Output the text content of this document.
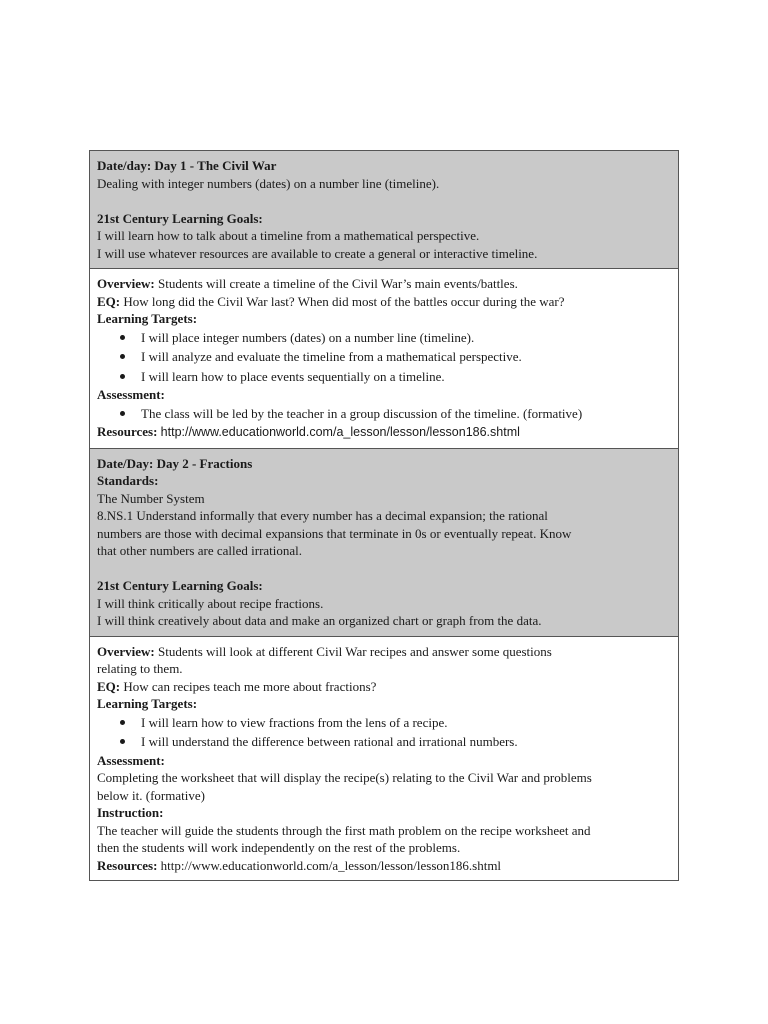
Date/day: Day 1 - The Civil War
Dealing with integer numbers (dates) on a number line (timeline).
21st Century Learning Goals:
I will learn how to talk about a timeline from a mathematical perspective.
I will use whatever resources are available to create a general or interactive timeline.
Overview: Students will create a timeline of the Civil War’s main events/battles.
EQ: How long did the Civil War last? When did most of the battles occur during the war?
Learning Targets:
I will place integer numbers (dates) on a number line (timeline).
I will analyze and evaluate the timeline from a mathematical perspective.
I will learn how to place events sequentially on a timeline.
Assessment:
The class will be led by the teacher in a group discussion of the timeline. (formative)
Resources: http://www.educationworld.com/a_lesson/lesson/lesson186.shtml
Date/Day: Day 2 - Fractions
Standards:
The Number System
8.NS.1 Understand informally that every number has a decimal expansion; the rational
numbers are those with decimal expansions that terminate in 0s or eventually repeat. Know
that other numbers are called irrational.
21st Century Learning Goals:
I will think critically about recipe fractions.
I will think creatively about data and make an organized chart or graph from the data.
Overview: Students will look at different Civil War recipes and answer some questions
relating to them.
EQ: How can recipes teach me more about fractions?
Learning Targets:
I will learn how to view fractions from the lens of a recipe.
I will understand the difference between rational and irrational numbers.
Assessment:
Completing the worksheet that will display the recipe(s) relating to the Civil War and problems
below it. (formative)
Instruction:
The teacher will guide the students through the first math problem on the recipe worksheet and
then the students will work independently on the rest of the problems.
Resources: http://www.educationworld.com/a_lesson/lesson/lesson186.shtml
